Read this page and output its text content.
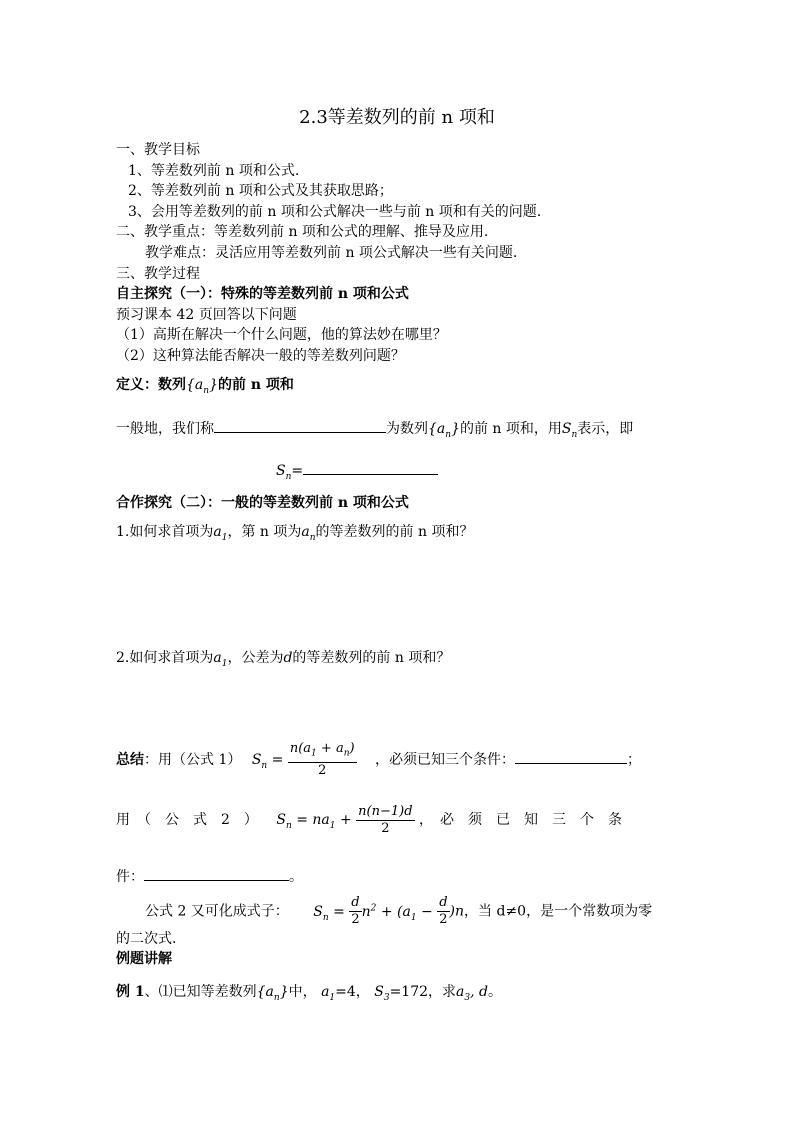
2.3等差数列的前 n 项和
一、教学目标
1、等差数列前 n 项和公式.
2、等差数列前 n 项和公式及其获取思路；
3、会用等差数列的前 n 项和公式解决一些与前 n 项和有关的问题.
二、教学重点：等差数列前 n 项和公式的理解、推导及应用.
教学难点：灵活应用等差数列前 n 项公式解决一些有关问题.
三、教学过程
自主探究（一）：特殊的等差数列前 n 项和公式
预习课本 42 页回答以下问题
（1）高斯在解决一个什么问题，他的算法妙在哪里？
（2）这种算法能否解决一般的等差数列问题？
定义：数列$\{a_n\}$的前 n 项和
一般地，我们称	为数列$\{a_n\}$的前 n 项和，用$S_n$表示，即
$S_n=$
合作探究（二）：一般的等差数列前 n 项和公式
1.如何求首项为$a_1$，第 n 项为$a_n$的等差数列的前 n 项和？
2.如何求首项为$a_1$，公差为d的等差数列的前 n 项和？
总结：用（公式 1） $S_n = \frac{n(a_1 + a_n)}{2}$ ，必须已知三个条件：	；
用　（　公　式　2　） $S_n = na_1 + \frac{n(n-1)d}{2}$ ，　必　须　已　知　三　个　条
件：	。
公式 2 又可化成式子： $S_n = \frac{d}{2} n^2 + (a_1 - \frac{d}{2} )n$，当 d≠0，是一个常数项为零
的二次式.
例题讲解
例 1、⑴已知等差数列$\{a_n\}$中， $a_1=4$， $S_3=172$，求$a_3$, d。
